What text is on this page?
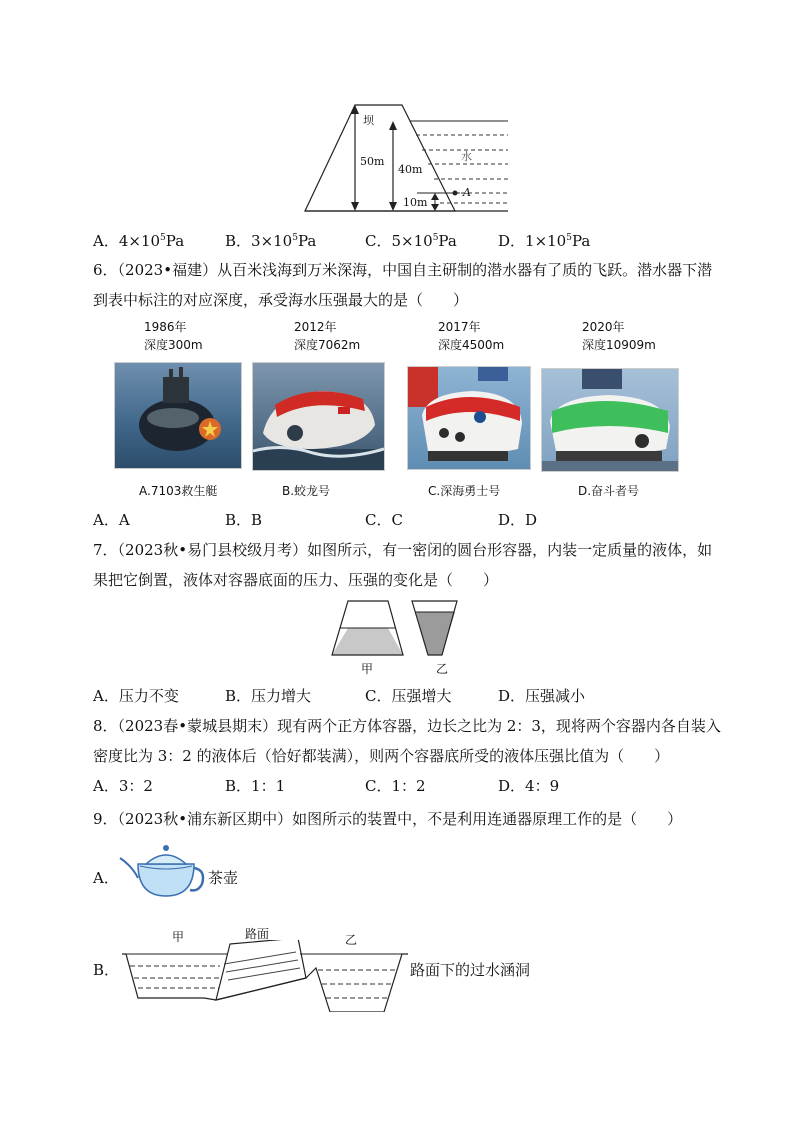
坝
水
50m
40m
10m
A
A．$4\times 10^5Pa$	B．$3\times 10^5Pa$	C．$5\times 10^5Pa$	D．$1\times 10^5Pa$
6．（2023•福建）从百米浅海到万米深海，中国自主研制的潜水器有了质的飞跃。潜水器下潜
到表中标注的对应深度，承受海水压强最大的是（　　）
1986年
深度300m
2012年
深度7062m
2017年
深度4500m
2020年
深度10909m
A.7103救生艇	B.蛟龙号	C.深海勇士号	D.奋斗者号
A．A	B．B	C．C	D．D
7．（2023秋•易门县校级月考）如图所示，有一密闭的圆台形容器，内装一定质量的液体，如
果把它倒置，液体对容器底面的压力、压强的变化是（　　）
甲	乙
A．压力不变	B．压力增大	C．压强增大	D．压强减小
8．（2023春•蒙城县期末）现有两个正方体容器，边长之比为 2：3，现将两个容器内各自装入
密度比为 3：2 的液体后（恰好都装满），则两个容器底所受的液体压强比值为（　　）
A．3：2	B．1：1	C．1：2	D．4：9
9．（2023秋•浦东新区期中）如图所示的装置中，不是利用连通器原理工作的是（　　）
A．	茶壶
甲	路面	乙
B．	路面下的过水涵洞
